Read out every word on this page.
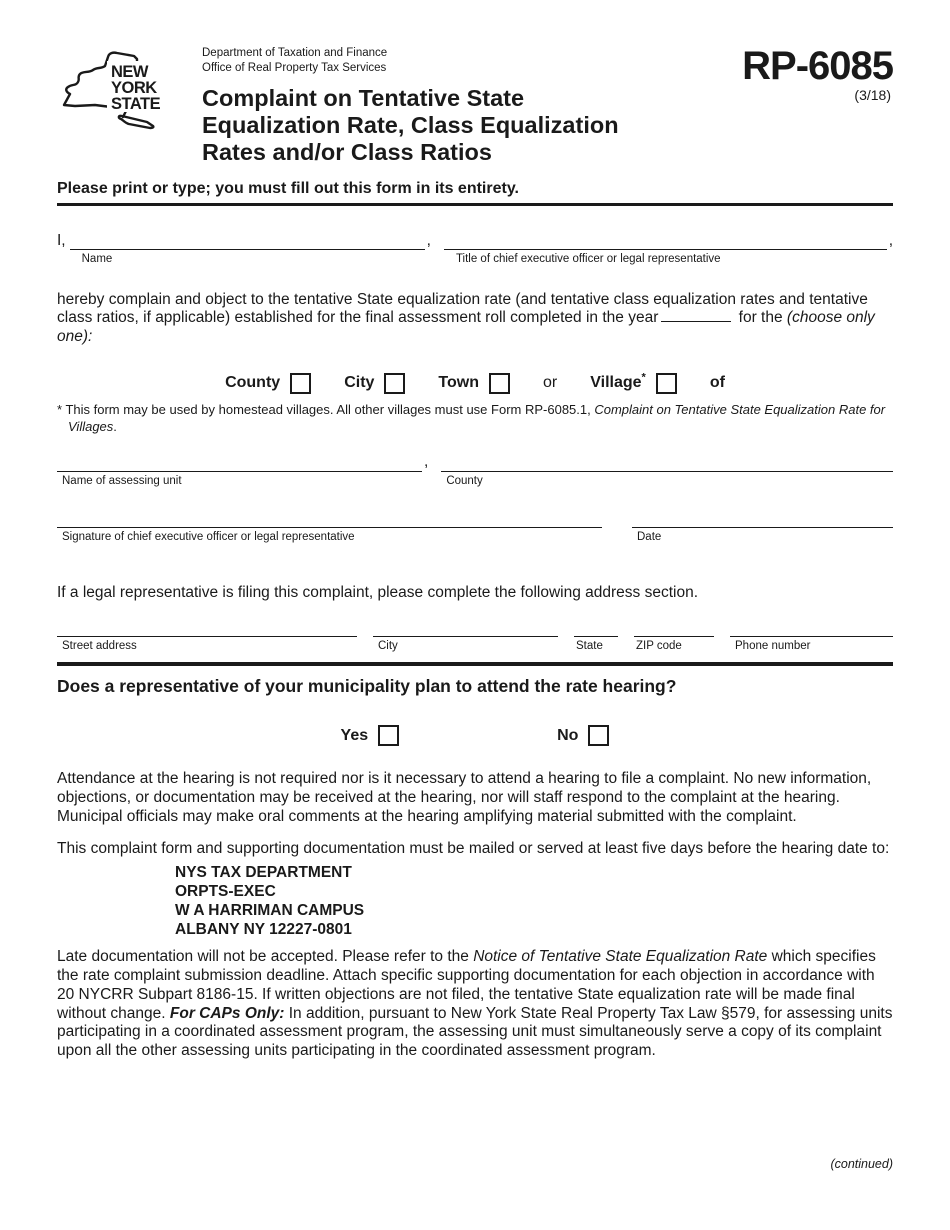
NEW
YORK
STATE
Department of Taxation and Finance
Office of Real Property Tax Services
Complaint on Tentative State
Equalization Rate, Class Equalization
Rates and/or Class Ratios
RP-6085
(3/18)
Please print or type; you must fill out this form in its entirety.
I,
Name
,
Title of chief executive officer or legal representative
,

hereby complain and object to the tentative State equalization rate (and tentative class equalization rates and tentative class ratios, if applicable) established for the final assessment roll completed in the year	for the (choose only one):

County	City	Town	or Village*	of

* This form may be used by homestead villages. All other villages must use Form RP-6085.1, Complaint on Tentative State Equalization Rate for Villages.

Name of assessing unit
,
County
Signature of chief executive officer or legal representative	Date

If a legal representative is filing this complaint, please complete the following address section.

Street address	City	State	ZIP code	Phone number
Does a representative of your municipality plan to attend the rate hearing?
Yes	No

Attendance at the hearing is not required nor is it necessary to attend a hearing to file a complaint. No new information, objections, or documentation may be received at the hearing, nor will staff respond to the complaint at the hearing. Municipal officials may make oral comments at the hearing amplifying material submitted with the complaint.

This complaint form and supporting documentation must be mailed or served at least five days before the hearing date to:

NYS TAX DEPARTMENT
ORPTS-EXEC
W A HARRIMAN CAMPUS
ALBANY NY 12227-0801

Late documentation will not be accepted. Please refer to the Notice of Tentative State Equalization Rate which specifies the rate complaint submission deadline. Attach specific supporting documentation for each objection in accordance with 20 NYCRR Subpart 8186-15. If written objections are not filed, the tentative State equalization rate will be made final without change. For CAPs Only: In addition, pursuant to New York State Real Property Tax Law §579, for assessing units participating in a coordinated assessment program, the assessing unit must simultaneously serve a copy of its complaint upon all the other assessing units participating in the coordinated assessment program.

(continued)
